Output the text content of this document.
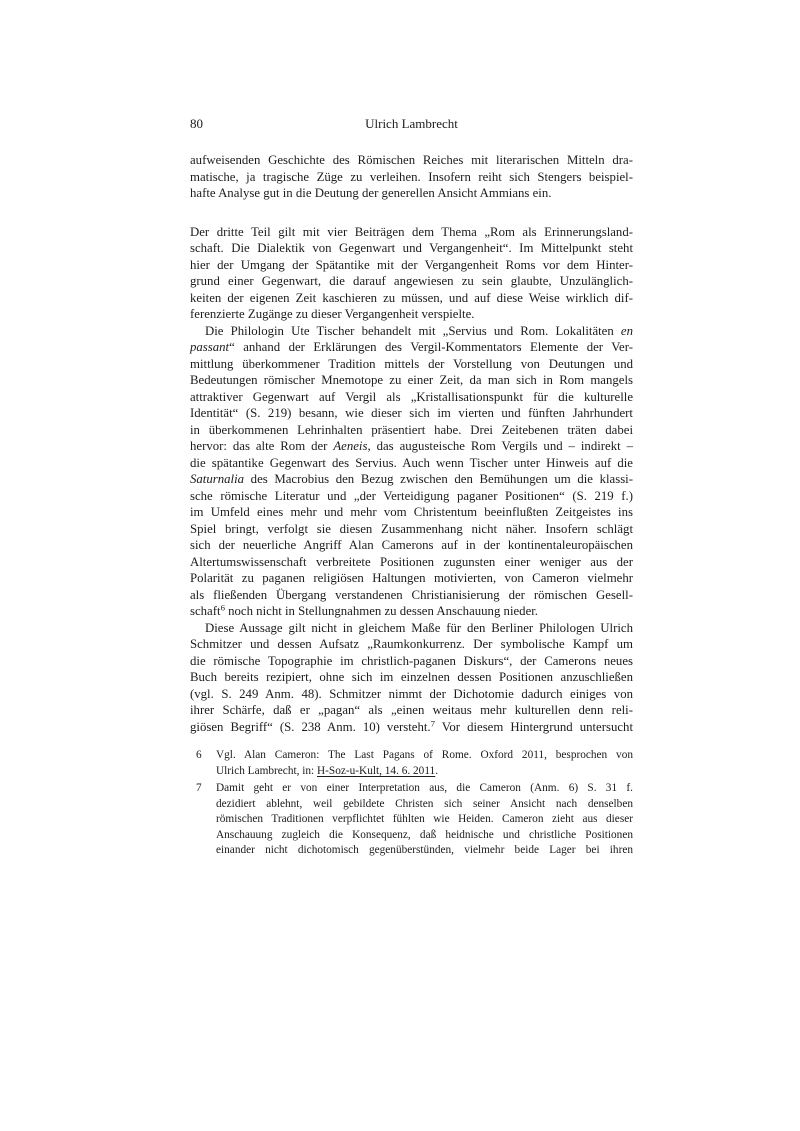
80	Ulrich Lambrecht
aufweisenden Geschichte des Römischen Reiches mit literarischen Mitteln dra-
matische, ja tragische Züge zu verleihen. Insofern reiht sich Stengers beispiel-
hafte Analyse gut in die Deutung der generellen Ansicht Ammians ein.
Der dritte Teil gilt mit vier Beiträgen dem Thema „Rom als Erinnerungsland-
schaft. Die Dialektik von Gegenwart und Vergangenheit“. Im Mittelpunkt steht
hier der Umgang der Spätantike mit der Vergangenheit Roms vor dem Hinter-
grund einer Gegenwart, die darauf angewiesen zu sein glaubte, Unzulänglich-
keiten der eigenen Zeit kaschieren zu müssen, und auf diese Weise wirklich dif-
ferenzierte Zugänge zu dieser Vergangenheit verspielte.
Die Philologin Ute Tischer behandelt mit „Servius und Rom. Lokalitäten en
passant“ anhand der Erklärungen des Vergil-Kommentators Elemente der Ver-
mittlung überkommener Tradition mittels der Vorstellung von Deutungen und
Bedeutungen römischer Mnemotope zu einer Zeit, da man sich in Rom mangels
attraktiver Gegenwart auf Vergil als „Kristallisationspunkt für die kulturelle
Identität“ (S. 219) besann, wie dieser sich im vierten und fünften Jahrhundert
in überkommenen Lehrinhalten präsentiert habe. Drei Zeitebenen träten dabei
hervor: das alte Rom der Aeneis, das augusteische Rom Vergils und – indirekt –
die spätantike Gegenwart des Servius. Auch wenn Tischer unter Hinweis auf die
Saturnalia des Macrobius den Bezug zwischen den Bemühungen um die klassi-
sche römische Literatur und „der Verteidigung paganer Positionen“ (S. 219 f.)
im Umfeld eines mehr und mehr vom Christentum beeinflußten Zeitgeistes ins
Spiel bringt, verfolgt sie diesen Zusammenhang nicht näher. Insofern schlägt
sich der neuerliche Angriff Alan Camerons auf in der kontinentaleuropäischen
Altertumswissenschaft verbreitete Positionen zugunsten einer weniger aus der
Polarität zu paganen religiösen Haltungen motivierten, von Cameron vielmehr
als fließenden Übergang verstandenen Christianisierung der römischen Gesell-
schaft$^6$ noch nicht in Stellungnahmen zu dessen Anschauung nieder.
Diese Aussage gilt nicht in gleichem Maße für den Berliner Philologen Ulrich
Schmitzer und dessen Aufsatz „Raumkonkurrenz. Der symbolische Kampf um
die römische Topographie im christlich-paganen Diskurs“, der Camerons neues
Buch bereits rezipiert, ohne sich im einzelnen dessen Positionen anzuschließen
(vgl. S. 249 Anm. 48). Schmitzer nimmt der Dichotomie dadurch einiges von
ihrer Schärfe, daß er „pagan“ als „einen weitaus mehr kulturellen denn reli-
giösen Begriff“ (S. 238 Anm. 10) versteht.$^7$ Vor diesem Hintergrund untersucht
6 Vgl. Alan Cameron: The Last Pagans of Rome. Oxford 2011, besprochen von
Ulrich Lambrecht, in: H-Soz-u-Kult, 14. 6. 2011.
7 Damit geht er von einer Interpretation aus, die Cameron (Anm. 6) S. 31 f.
dezidiert ablehnt, weil gebildete Christen sich seiner Ansicht nach denselben
römischen Traditionen verpflichtet fühlten wie Heiden. Cameron zieht aus dieser
Anschauung zugleich die Konsequenz, daß heidnische und christliche Positionen
einander nicht dichotomisch gegenüberstünden, vielmehr beide Lager bei ihren
